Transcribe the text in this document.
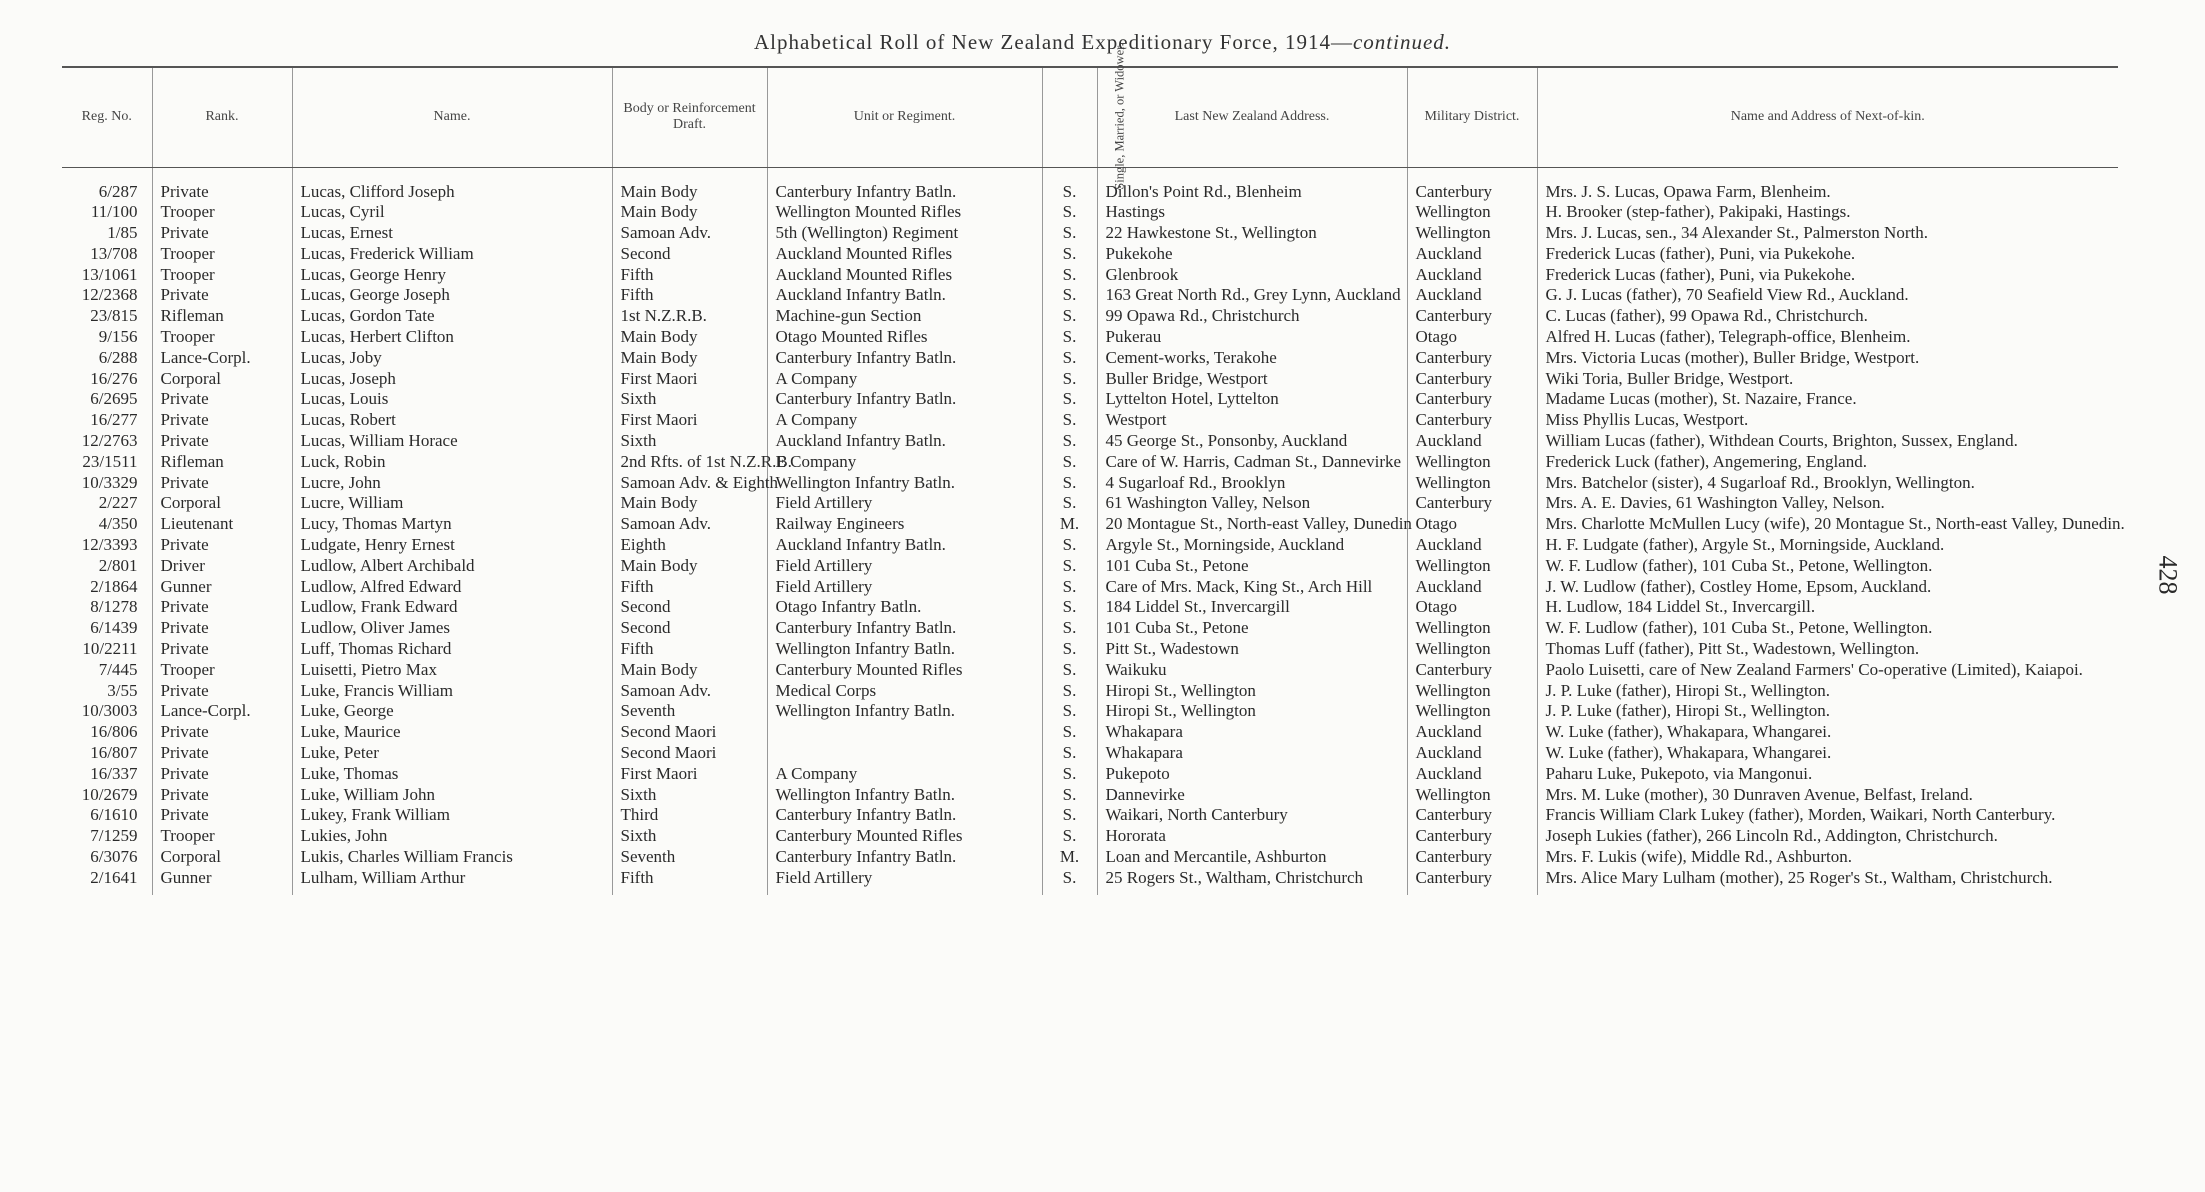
Alphabetical Roll of New Zealand Expeditionary Force, 1914—continued.
428
Reg. No.	Rank.	Name.	Body or Reinforcement Draft.	Unit or Regiment.	Single, Married, or Widower.	Last New Zealand Address.	Military District.	Name and Address of Next-of-kin.

6/287	Private	Lucas, Clifford Joseph	Main Body	Canterbury Infantry Batln.	S.	Dillon's Point Rd., Blenheim	Canterbury	Mrs. J. S. Lucas, Opawa Farm, Blenheim.
11/100	Trooper	Lucas, Cyril	Main Body	Wellington Mounted Rifles	S.	Hastings	Wellington	H. Brooker (step-father), Pakipaki, Hastings.
1/85	Private	Lucas, Ernest	Samoan Adv.	5th (Wellington) Regiment	S.	22 Hawkestone St., Wellington	Wellington	Mrs. J. Lucas, sen., 34 Alexander St., Palmerston North.
13/708	Trooper	Lucas, Frederick William	Second	Auckland Mounted Rifles	S.	Pukekohe	Auckland	Frederick Lucas (father), Puni, via Pukekohe.
13/1061	Trooper	Lucas, George Henry	Fifth	Auckland Mounted Rifles	S.	Glenbrook	Auckland	Frederick Lucas (father), Puni, via Pukekohe.
12/2368	Private	Lucas, George Joseph	Fifth	Auckland Infantry Batln.	S.	163 Great North Rd., Grey Lynn, Auckland	Auckland	G. J. Lucas (father), 70 Seafield View Rd., Auckland.
23/815	Rifleman	Lucas, Gordon Tate	1st N.Z.R.B.	Machine-gun Section	S.	99 Opawa Rd., Christchurch	Canterbury	C. Lucas (father), 99 Opawa Rd., Christchurch.
9/156	Trooper	Lucas, Herbert Clifton	Main Body	Otago Mounted Rifles	S.	Pukerau	Otago	Alfred H. Lucas (father), Telegraph-office, Blenheim.
6/288	Lance-Corpl.	Lucas, Joby	Main Body	Canterbury Infantry Batln.	S.	Cement-works, Terakohe	Canterbury	Mrs. Victoria Lucas (mother), Buller Bridge, Westport.
16/276	Corporal	Lucas, Joseph	First Maori	A Company	S.	Buller Bridge, Westport	Canterbury	Wiki Toria, Buller Bridge, Westport.
6/2695	Private	Lucas, Louis	Sixth	Canterbury Infantry Batln.	S.	Lyttelton Hotel, Lyttelton	Canterbury	Madame Lucas (mother), St. Nazaire, France.
16/277	Private	Lucas, Robert	First Maori	A Company	S.	Westport	Canterbury	Miss Phyllis Lucas, Westport.
12/2763	Private	Lucas, William Horace	Sixth	Auckland Infantry Batln.	S.	45 George St., Ponsonby, Auckland	Auckland	William Lucas (father), Withdean Courts, Brighton, Sussex, England.
23/1511	Rifleman	Luck, Robin	2nd Rfts. of 1st N.Z.R.B.	E Company	S.	Care of W. Harris, Cadman St., Dannevirke	Wellington	Frederick Luck (father), Angemering, England.
10/3329	Private	Lucre, John	Samoan Adv. & Eighth	Wellington Infantry Batln.	S.	4 Sugarloaf Rd., Brooklyn	Wellington	Mrs. Batchelor (sister), 4 Sugarloaf Rd., Brooklyn, Wellington.
2/227	Corporal	Lucre, William	Main Body	Field Artillery	S.	61 Washington Valley, Nelson	Canterbury	Mrs. A. E. Davies, 61 Washington Valley, Nelson.
4/350	Lieutenant	Lucy, Thomas Martyn	Samoan Adv.	Railway Engineers	M.	20 Montague St., North-east Valley, Dunedin	Otago	Mrs. Charlotte McMullen Lucy (wife), 20 Montague St., North-east Valley, Dunedin.
12/3393	Private	Ludgate, Henry Ernest	Eighth	Auckland Infantry Batln.	S.	Argyle St., Morningside, Auckland	Auckland	H. F. Ludgate (father), Argyle St., Morningside, Auckland.
2/801	Driver	Ludlow, Albert Archibald	Main Body	Field Artillery	S.	101 Cuba St., Petone	Wellington	W. F. Ludlow (father), 101 Cuba St., Petone, Wellington.
2/1864	Gunner	Ludlow, Alfred Edward	Fifth	Field Artillery	S.	Care of Mrs. Mack, King St., Arch Hill	Auckland	J. W. Ludlow (father), Costley Home, Epsom, Auckland.
8/1278	Private	Ludlow, Frank Edward	Second	Otago Infantry Batln.	S.	184 Liddel St., Invercargill	Otago	H. Ludlow, 184 Liddel St., Invercargill.
6/1439	Private	Ludlow, Oliver James	Second	Canterbury Infantry Batln.	S.	101 Cuba St., Petone	Wellington	W. F. Ludlow (father), 101 Cuba St., Petone, Wellington.
10/2211	Private	Luff, Thomas Richard	Fifth	Wellington Infantry Batln.	S.	Pitt St., Wadestown	Wellington	Thomas Luff (father), Pitt St., Wadestown, Wellington.
7/445	Trooper	Luisetti, Pietro Max	Main Body	Canterbury Mounted Rifles	S.	Waikuku	Canterbury	Paolo Luisetti, care of New Zealand Farmers' Co-operative (Limited), Kaiapoi.
3/55	Private	Luke, Francis William	Samoan Adv.	Medical Corps	S.	Hiropi St., Wellington	Wellington	J. P. Luke (father), Hiropi St., Wellington.
10/3003	Lance-Corpl.	Luke, George	Seventh	Wellington Infantry Batln.	S.	Hiropi St., Wellington	Wellington	J. P. Luke (father), Hiropi St., Wellington.
16/806	Private	Luke, Maurice	Second Maori		S.	Whakapara	Auckland	W. Luke (father), Whakapara, Whangarei.
16/807	Private	Luke, Peter	Second Maori		S.	Whakapara	Auckland	W. Luke (father), Whakapara, Whangarei.
16/337	Private	Luke, Thomas	First Maori	A Company	S.	Pukepoto	Auckland	Paharu Luke, Pukepoto, via Mangonui.
10/2679	Private	Luke, William John	Sixth	Wellington Infantry Batln.	S.	Dannevirke	Wellington	Mrs. M. Luke (mother), 30 Dunraven Avenue, Belfast, Ireland.
6/1610	Private	Lukey, Frank William	Third	Canterbury Infantry Batln.	S.	Waikari, North Canterbury	Canterbury	Francis William Clark Lukey (father), Morden, Waikari, North Canterbury.
7/1259	Trooper	Lukies, John	Sixth	Canterbury Mounted Rifles	S.	Hororata	Canterbury	Joseph Lukies (father), 266 Lincoln Rd., Addington, Christchurch.
6/3076	Corporal	Lukis, Charles William Francis	Seventh	Canterbury Infantry Batln.	M.	Loan and Mercantile, Ashburton	Canterbury	Mrs. F. Lukis (wife), Middle Rd., Ashburton.
2/1641	Gunner	Lulham, William Arthur	Fifth	Field Artillery	S.	25 Rogers St., Waltham, Christchurch	Canterbury	Mrs. Alice Mary Lulham (mother), 25 Roger's St., Waltham, Christchurch.
